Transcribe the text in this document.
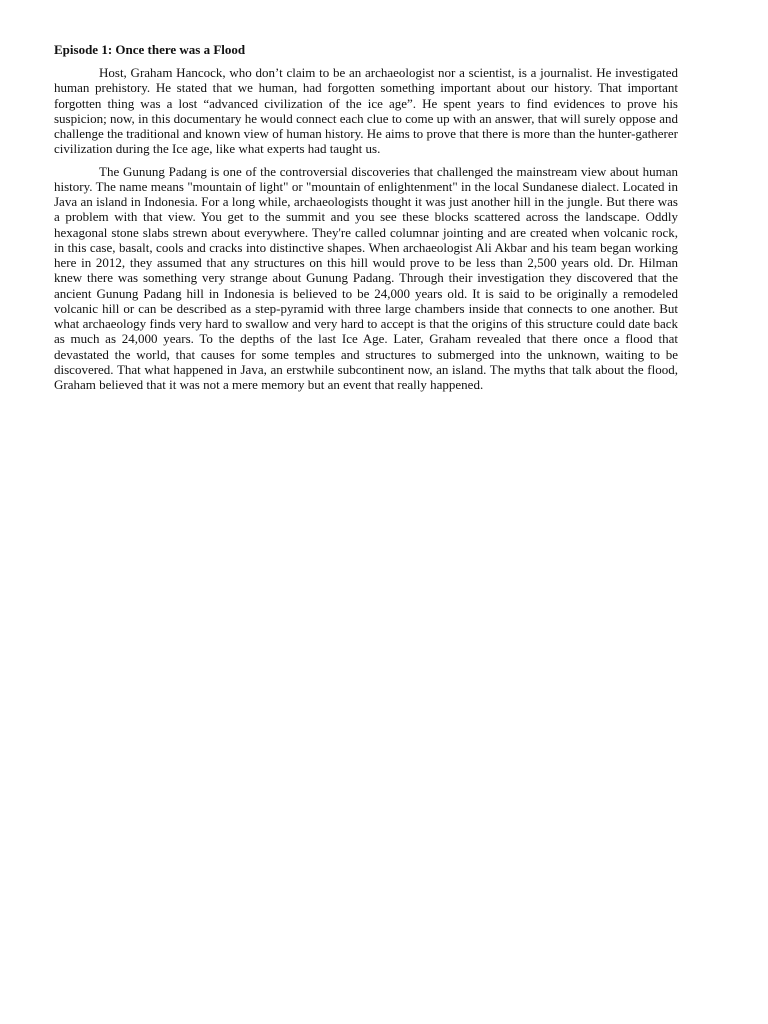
Episode 1: Once there was a Flood

Host, Graham Hancock, who don’t claim to be an archaeologist nor a scientist, is a journalist. He investigated human prehistory. He stated that we human, had forgotten something important about our history. That important forgotten thing was a lost “advanced civilization of the ice age”. He spent years to find evidences to prove his suspicion; now, in this documentary he would connect each clue to come up with an answer, that will surely oppose and challenge the traditional and known view of human history. He aims to prove that there is more than the hunter-gatherer civilization during the Ice age, like what experts had taught us.

The Gunung Padang is one of the controversial discoveries that challenged the mainstream view about human history. The name means "mountain of light" or "mountain of enlightenment" in the local Sundanese dialect. Located in Java an island in Indonesia. For a long while, archaeologists thought it was just another hill in the jungle. But there was a problem with that view. You get to the summit and you see these blocks scattered across the landscape. Oddly hexagonal stone slabs strewn about everywhere. They're called columnar jointing and are created when volcanic rock, in this case, basalt, cools and cracks into distinctive shapes. When archaeologist Ali Akbar and his team began working here in 2012, they assumed that any structures on this hill would prove to be less than 2,500 years old. Dr. Hilman knew there was something very strange about Gunung Padang. Through their investigation they discovered that the ancient Gunung Padang hill in Indonesia is believed to be 24,000 years old. It is said to be originally a remodeled volcanic hill or can be described as a step-pyramid with three large chambers inside that connects to one another. But what archaeology finds very hard to swallow and very hard to accept is that the origins of this structure could date back as much as 24,000 years. To the depths of the last Ice Age. Later, Graham revealed that there once a flood that devastated the world, that causes for some temples and structures to submerged into the unknown, waiting to be discovered. That what happened in Java, an erstwhile subcontinent now, an island. The myths that talk about the flood, Graham believed that it was not a mere memory but an event that really happened.
